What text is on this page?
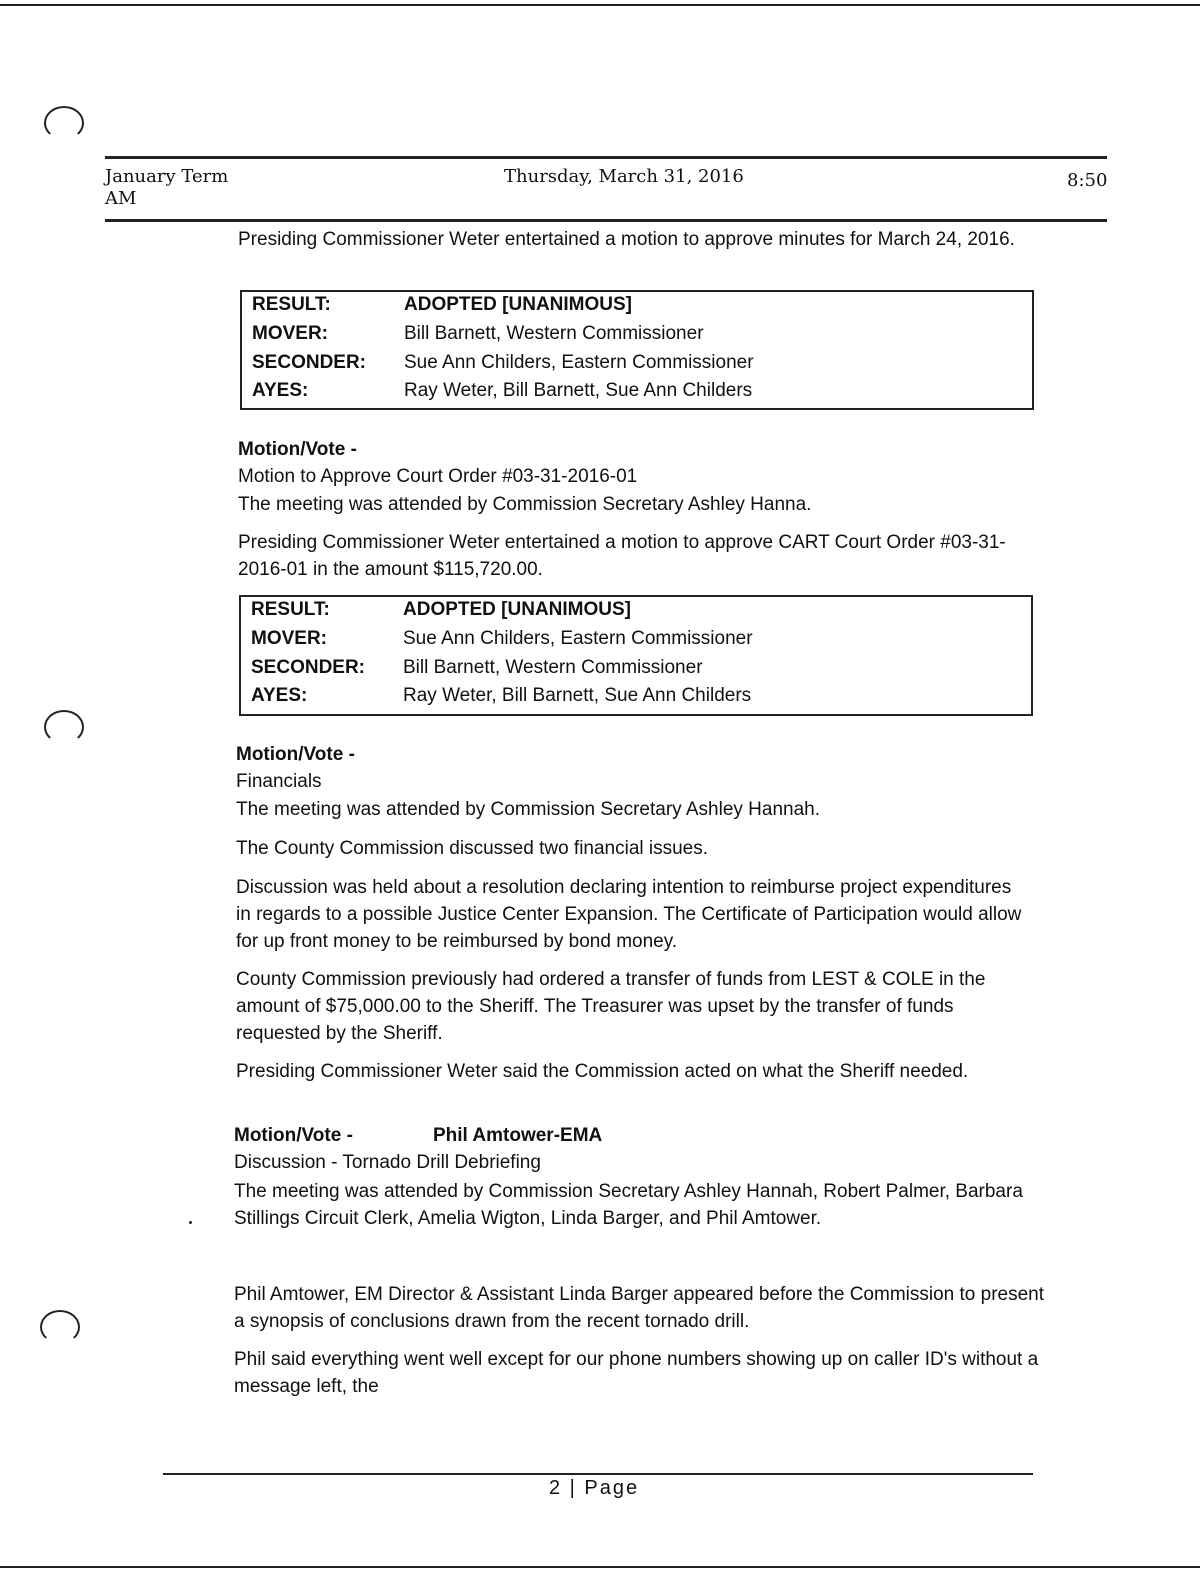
January Term
AM
Thursday, March 31, 2016	8:50
Presiding Commissioner Weter entertained a motion to approve minutes for March 24, 2016.
RESULT:	ADOPTED [UNANIMOUS]
MOVER:	Bill Barnett, Western Commissioner
SECONDER: Sue Ann Childers, Eastern Commissioner
AYES:	Ray Weter, Bill Barnett, Sue Ann Childers
Motion/Vote -
Motion to Approve Court Order #03-31-2016-01
The meeting was attended by Commission Secretary Ashley Hanna.
Presiding Commissioner Weter entertained a motion to approve CART Court Order #03-31-2016-01 in the amount $115,720.00.
RESULT:	ADOPTED [UNANIMOUS]
MOVER:	Sue Ann Childers, Eastern Commissioner
SECONDER: Bill Barnett, Western Commissioner
AYES:	Ray Weter, Bill Barnett, Sue Ann Childers
Motion/Vote -
Financials
The meeting was attended by Commission Secretary Ashley Hannah.
The County Commission discussed two financial issues.
Discussion was held about a resolution declaring intention to reimburse project expenditures in regards to a possible Justice Center Expansion. The Certificate of Participation would allow for up front money to be reimbursed by bond money.
County Commission previously had ordered a transfer of funds from LEST & COLE in the amount of $75,000.00 to the Sheriff. The Treasurer was upset by the transfer of funds requested by the Sheriff.
Presiding Commissioner Weter said the Commission acted on what the Sheriff needed.
Motion/Vote -	Phil Amtower-EMA
Discussion - Tornado Drill Debriefing
The meeting was attended by Commission Secretary Ashley Hannah, Robert Palmer, Barbara Stillings Circuit Clerk, Amelia Wigton, Linda Barger, and Phil Amtower.
Phil Amtower, EM Director & Assistant Linda Barger appeared before the Commission to present a synopsis of conclusions drawn from the recent tornado drill.
Phil said everything went well except for our phone numbers showing up on caller ID's without a message left, the
2 | Page
